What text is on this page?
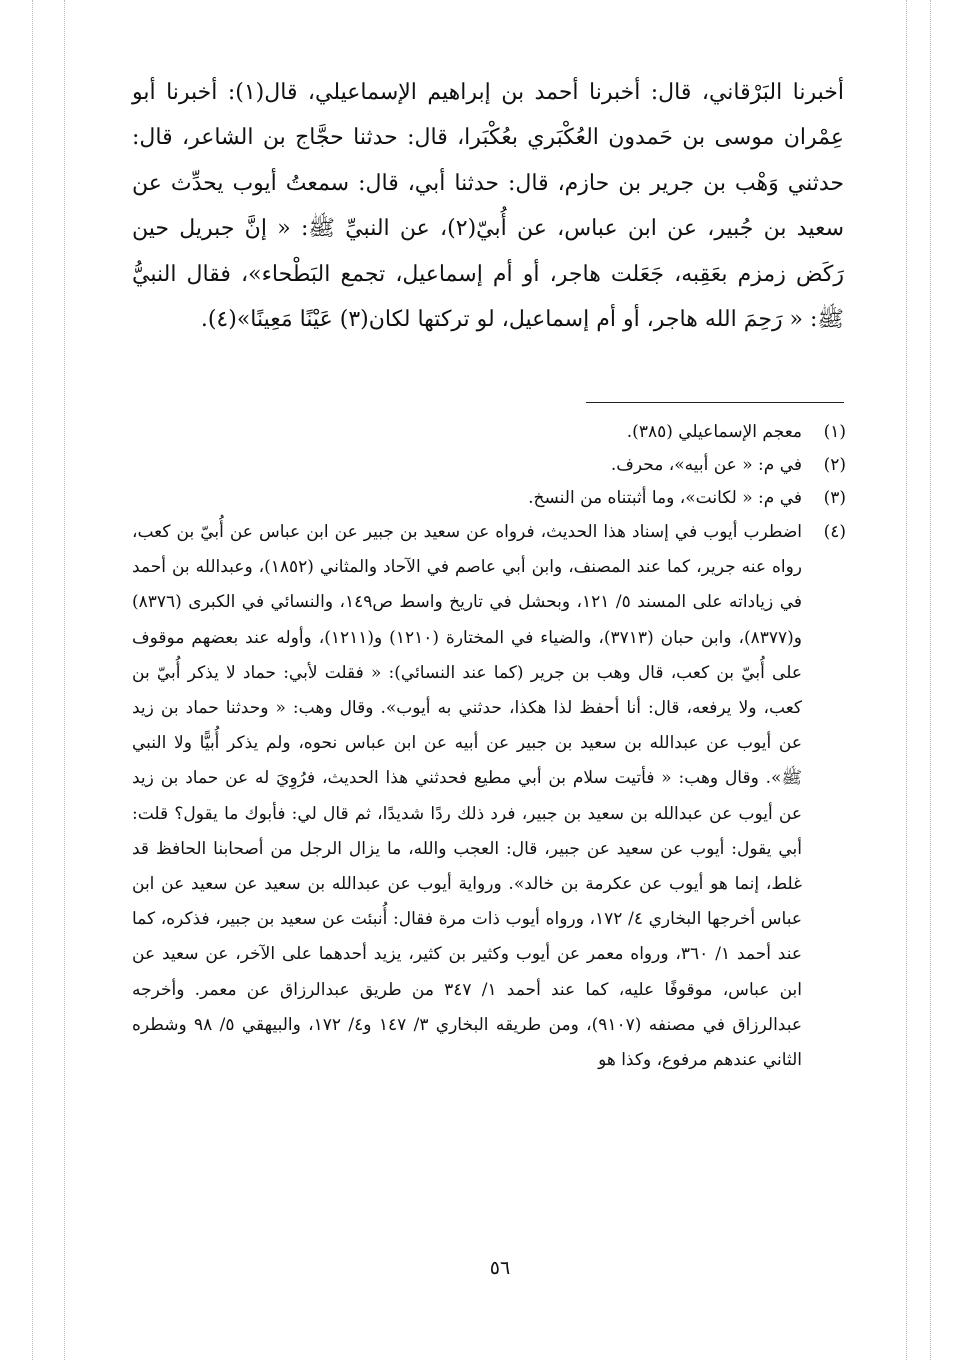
أخبرنا البَرْقاني، قال: أخبرنا أحمد بن إبراهيم الإسماعيلي، قال(١): أخبرنا أبو عِمْران موسى بن حَمدون العُكْبَري بعُكْبَرا، قال: حدثنا حجَّاج بن الشاعر، قال: حدثني وَهْب بن جرير بن حازم، قال: حدثنا أبي، قال: سمعتُ أيوب يحدِّث عن سعيد بن جُبير، عن ابن عباس، عن أُبيّ(٢)، عن النبيِّ ﷺ: « إنَّ جبريل حين رَكَض زمزم بعَقِبه، جَعَلت هاجر، أو أم إسماعيل، تجمع البَطْحاء»، فقال النبيُّ ﷺ: « رَحِمَ الله هاجر، أو أم إسماعيل، لو تركتها لكان(٣) عَيْنًا مَعِينًا»(٤).

(١)
معجم الإسماعيلي (٣٨٥).
(٢)
في م: « عن أبيه»، محرف.
(٣)
في م: « لكانت»، وما أثبتناه من النسخ.
(٤)
اضطرب أيوب في إسناد هذا الحديث، فرواه عن سعيد بن جبير عن ابن عباس عن أُبيّ بن كعب، رواه عنه جرير، كما عند المصنف، وابن أبي عاصم في الآحاد والمثاني (١٨٥٢)، وعبدالله بن أحمد في زياداته على المسند ٥/ ١٢١، وبحشل في تاريخ واسط ص١٤٩، والنسائي في الكبرى (٨٣٧٦) و(٨٣٧٧)، وابن حبان (٣٧١٣)، والضياء في المختارة (١٢١٠) و(١٢١١)، وأوله عند بعضهم موقوف على أُبيّ بن كعب، قال وهب بن جرير (كما عند النسائي): « فقلت لأبي: حماد لا يذكر أُبيّ بن كعب، ولا يرفعه، قال: أنا أحفظ لذا هكذا، حدثني به أيوب». وقال وهب: « وحدثنا حماد بن زيد عن أيوب عن عبدالله بن سعيد بن جبير عن أبيه عن ابن عباس نحوه، ولم يذكر أُبيًّا ولا النبي ﷺ». وقال وهب: « فأتيت سلام بن أبي مطيع فحدثني هذا الحديث، فرُوِيَ له عن حماد بن زيد عن أيوب عن عبدالله بن سعيد بن جبير، فرد ذلك ردًا شديدًا، ثم قال لي: فأبوك ما يقول؟ قلت: أبي يقول: أيوب عن سعيد عن جبير، قال: العجب والله، ما يزال الرجل من أصحابنا الحافظ قد غلط، إنما هو أيوب عن عكرمة بن خالد». ورواية أيوب عن عبدالله بن سعيد عن سعيد عن ابن عباس أخرجها البخاري ٤/ ١٧٢، ورواه أيوب ذات مرة فقال: أُنبئت عن سعيد بن جبير، فذكره، كما عند أحمد ١/ ٣٦٠، ورواه معمر عن أيوب وكثير بن كثير، يزيد أحدهما على الآخر، عن سعيد عن ابن عباس، موقوفًا عليه، كما عند أحمد ١/ ٣٤٧ من طريق عبدالرزاق عن معمر. وأخرجه عبدالرزاق في مصنفه (٩١٠٧)، ومن طريقه البخاري ٣/ ١٤٧ و٤/ ١٧٢، والبيهقي ٥/ ٩٨ وشطره الثاني عندهم مرفوع، وكذا هو
٥٦
